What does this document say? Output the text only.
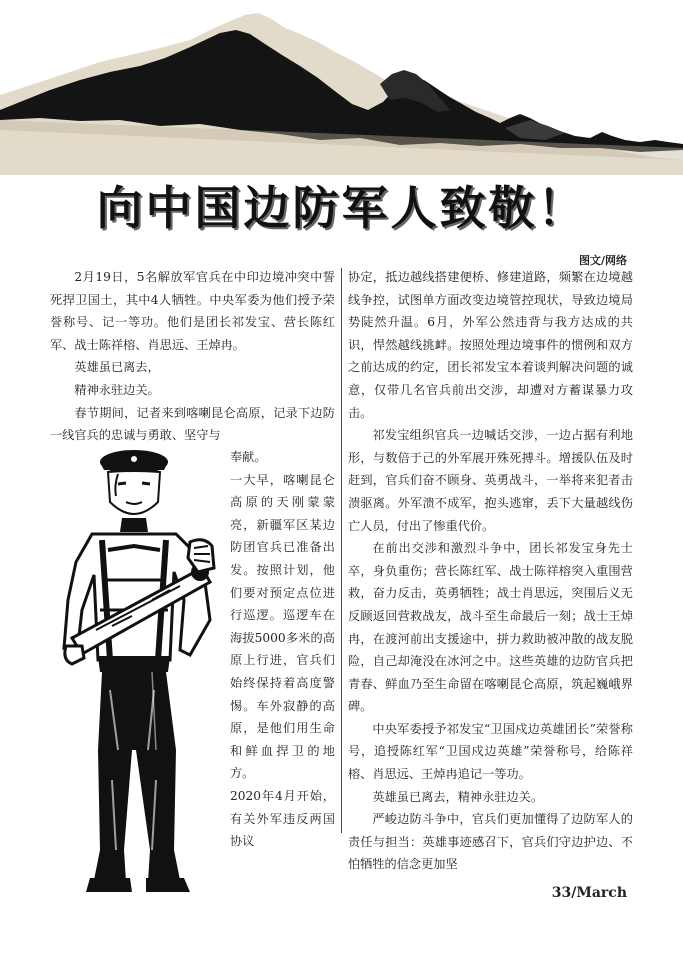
向中国边防军人致敬！
图文/网络

2月19日，5名解放军官兵在中印边境冲突中誓死捍卫国土，其中4人牺牲。中央军委为他们授予荣誉称号、记一等功。他们是团长祁发宝、营长陈红军、战士陈祥榕、肖思远、王焯冉。

英雄虽已离去，

精神永驻边关。

春节期间，记者来到喀喇昆仑高原，记录下边防一线官兵的忠诚与勇敢、坚守与

奉献。
一大早，喀喇昆仑高原的天刚蒙蒙亮，新疆军区某边防团官兵已准备出发。按照计划，他们要对预定点位进行巡逻。巡逻车在海拔5000多米的高原上行进，官兵们始终保持着高度警惕。车外寂静的高原，是他们用生命和鲜血捍卫的地方。
2020年4月开始，有关外军违反两国协议

协定，抵边越线搭建便桥、修建道路，频繁在边境越线争控，试图单方面改变边境管控现状，导致边境局势陡然升温。6月，外军公然违背与我方达成的共识，悍然越线挑衅。按照处理边境事件的惯例和双方之前达成的约定，团长祁发宝本着谈判解决问题的诚意，仅带几名官兵前出交涉，却遭对方蓄谋暴力攻击。

祁发宝组织官兵一边喊话交涉，一边占据有利地形，与数倍于己的外军展开殊死搏斗。增援队伍及时赶到，官兵们奋不顾身、英勇战斗，一举将来犯者击溃驱离。外军溃不成军，抱头逃窜，丢下大量越线伤亡人员，付出了惨重代价。

在前出交涉和激烈斗争中，团长祁发宝身先士卒，身负重伤；营长陈红军、战士陈祥榕突入重围营救，奋力反击，英勇牺牲；战士肖思远，突围后义无反顾返回营救战友，战斗至生命最后一刻；战士王焯冉，在渡河前出支援途中，拼力救助被冲散的战友脱险，自己却淹没在冰河之中。这些英雄的边防官兵把青春、鲜血乃至生命留在喀喇昆仑高原，筑起巍峨界碑。

中央军委授予祁发宝“卫国戍边英雄团长”荣誉称号，追授陈红军“卫国戍边英雄”荣誉称号，给陈祥榕、肖思远、王焯冉追记一等功。

英雄虽已离去，精神永驻边关。

严峻边防斗争中，官兵们更加懂得了边防军人的责任与担当：英雄事迹感召下，官兵们守边护边、不怕牺牲的信念更加坚

33/March
